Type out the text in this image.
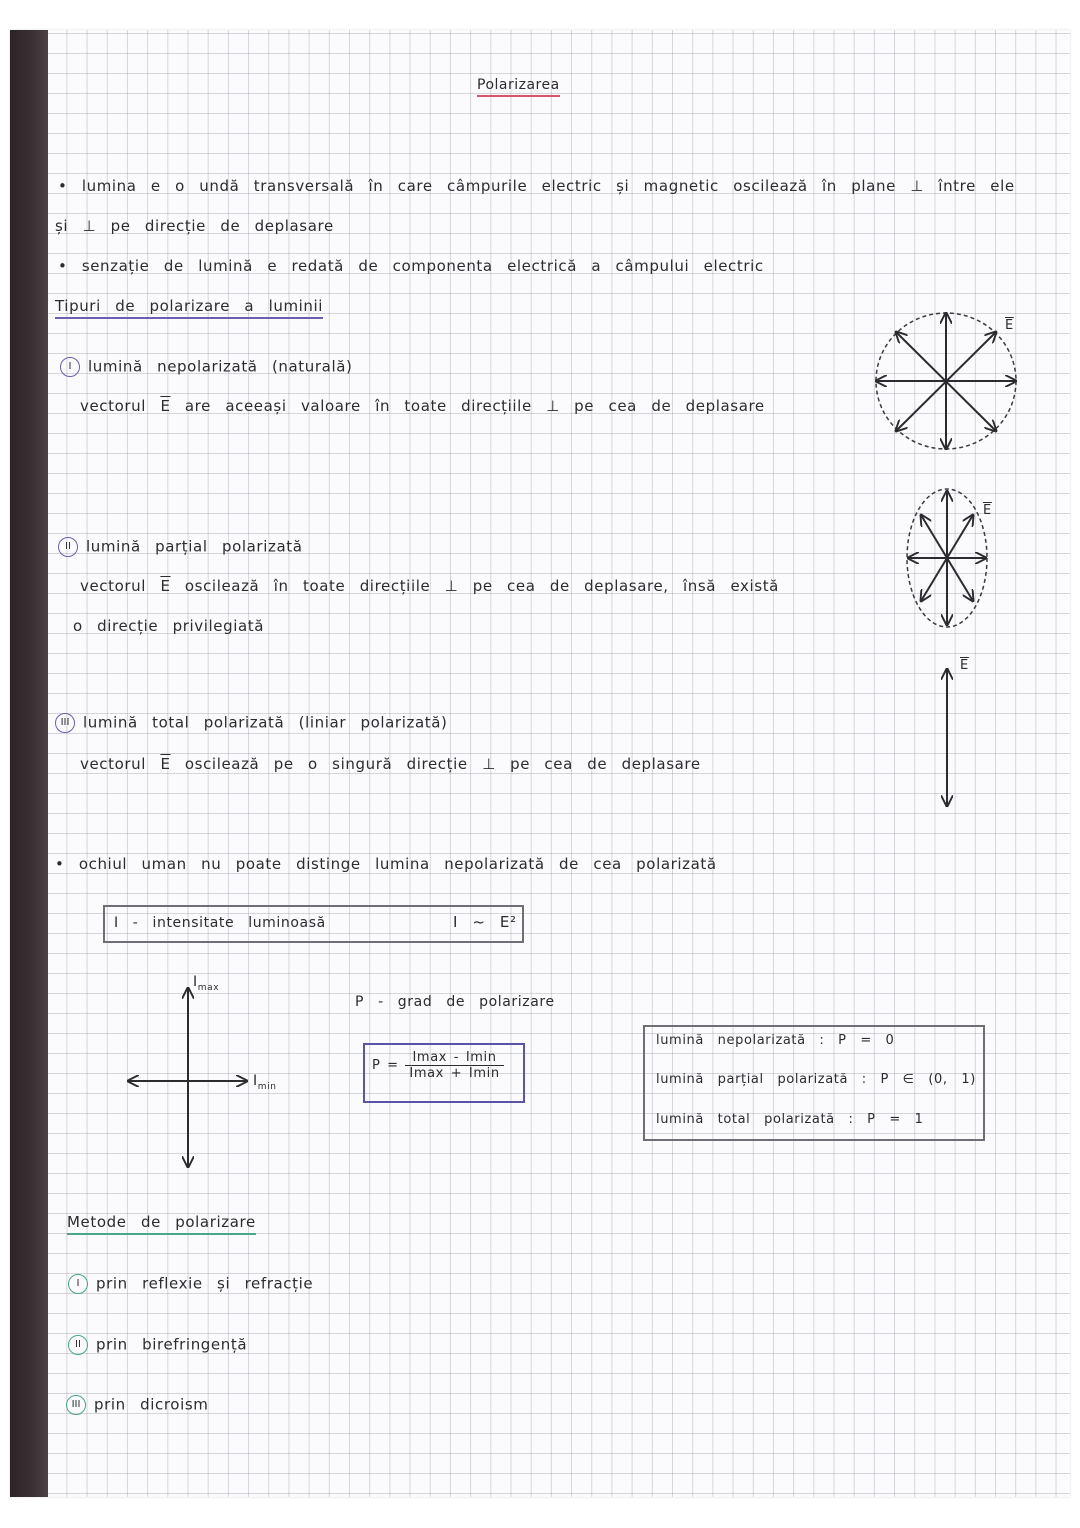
Polarizarea
• lumina e o undă transversală în care câmpurile electric și magnetic oscilează în plane ⊥ între ele
și ⊥ pe direcție de deplasare
• senzație de lumină e redată de componenta electrică a câmpului electric
Tipuri de polarizare a luminii
I lumină nepolarizată (naturală)
vectorul $\overline{E}$ are aceeași valoare în toate direcțiile ⊥ pe cea de deplasare
$\overline{E}$
II lumină parțial polarizată
vectorul $\overline{E}$ oscilează în toate direcțiile ⊥ pe cea de deplasare, însă există
o direcție privilegiată
$\overline{E}$
III lumină total polarizată (liniar polarizată)
vectorul $\overline{E}$ oscilează pe o singură direcție ⊥ pe cea de deplasare
$\overline{E}$
• ochiul uman nu poate distinge lumina nepolarizată de cea polarizată
I - intensitate luminoasă	I ~ E²
$I_{max}$
$I_{min}$
P - grad de polarizare
$P = \frac{Imax - Imin}{Imax + Imin}$
lumină nepolarizată : P = 0
lumină parțial polarizată : P ∈ (0, 1)
lumină total polarizată : P = 1
Metode de polarizare
I prin reflexie și refracție
II prin birefringență
III prin dicroism
